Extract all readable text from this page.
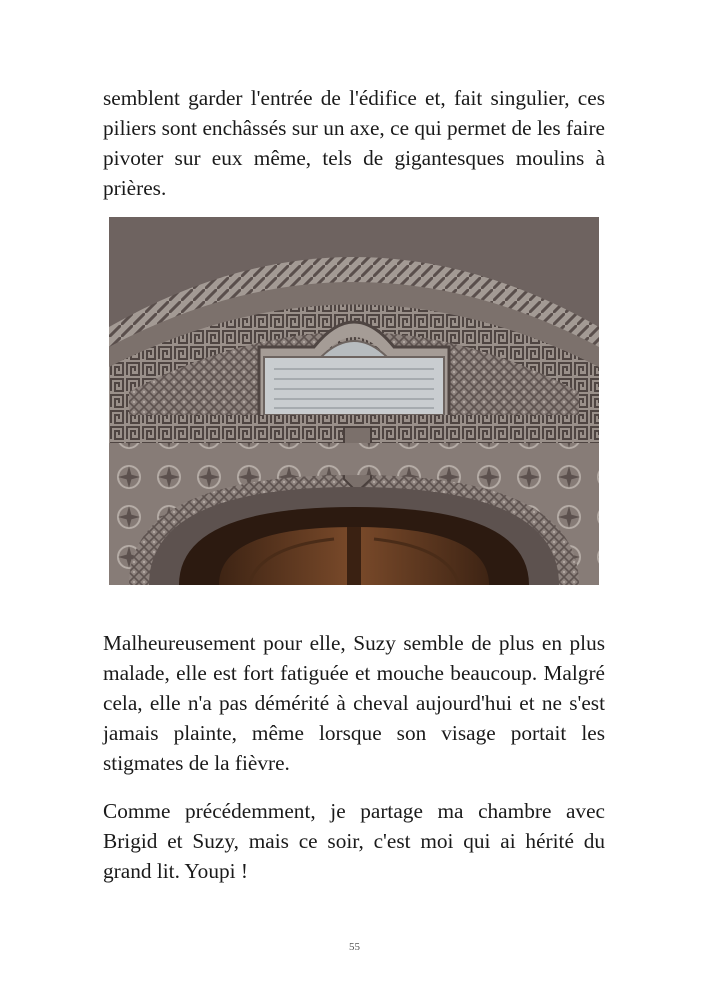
semblent garder l'entrée de l'édifice et, fait singulier, ces piliers sont enchâssés sur un axe, ce qui permet de les faire pivoter sur eux même, tels de gigantesques moulins à prières.

Malheureusement pour elle, Suzy semble de plus en plus malade, elle est fort fatiguée et mouche beaucoup. Malgré cela, elle n'a pas démérité à cheval aujourd'hui et ne s'est jamais plainte, même lorsque son visage portait les stigmates de la fièvre.

Comme précédemment, je partage ma chambre avec Brigid et Suzy, mais ce soir, c'est moi qui ai hérité du grand lit. Youpi !

55
